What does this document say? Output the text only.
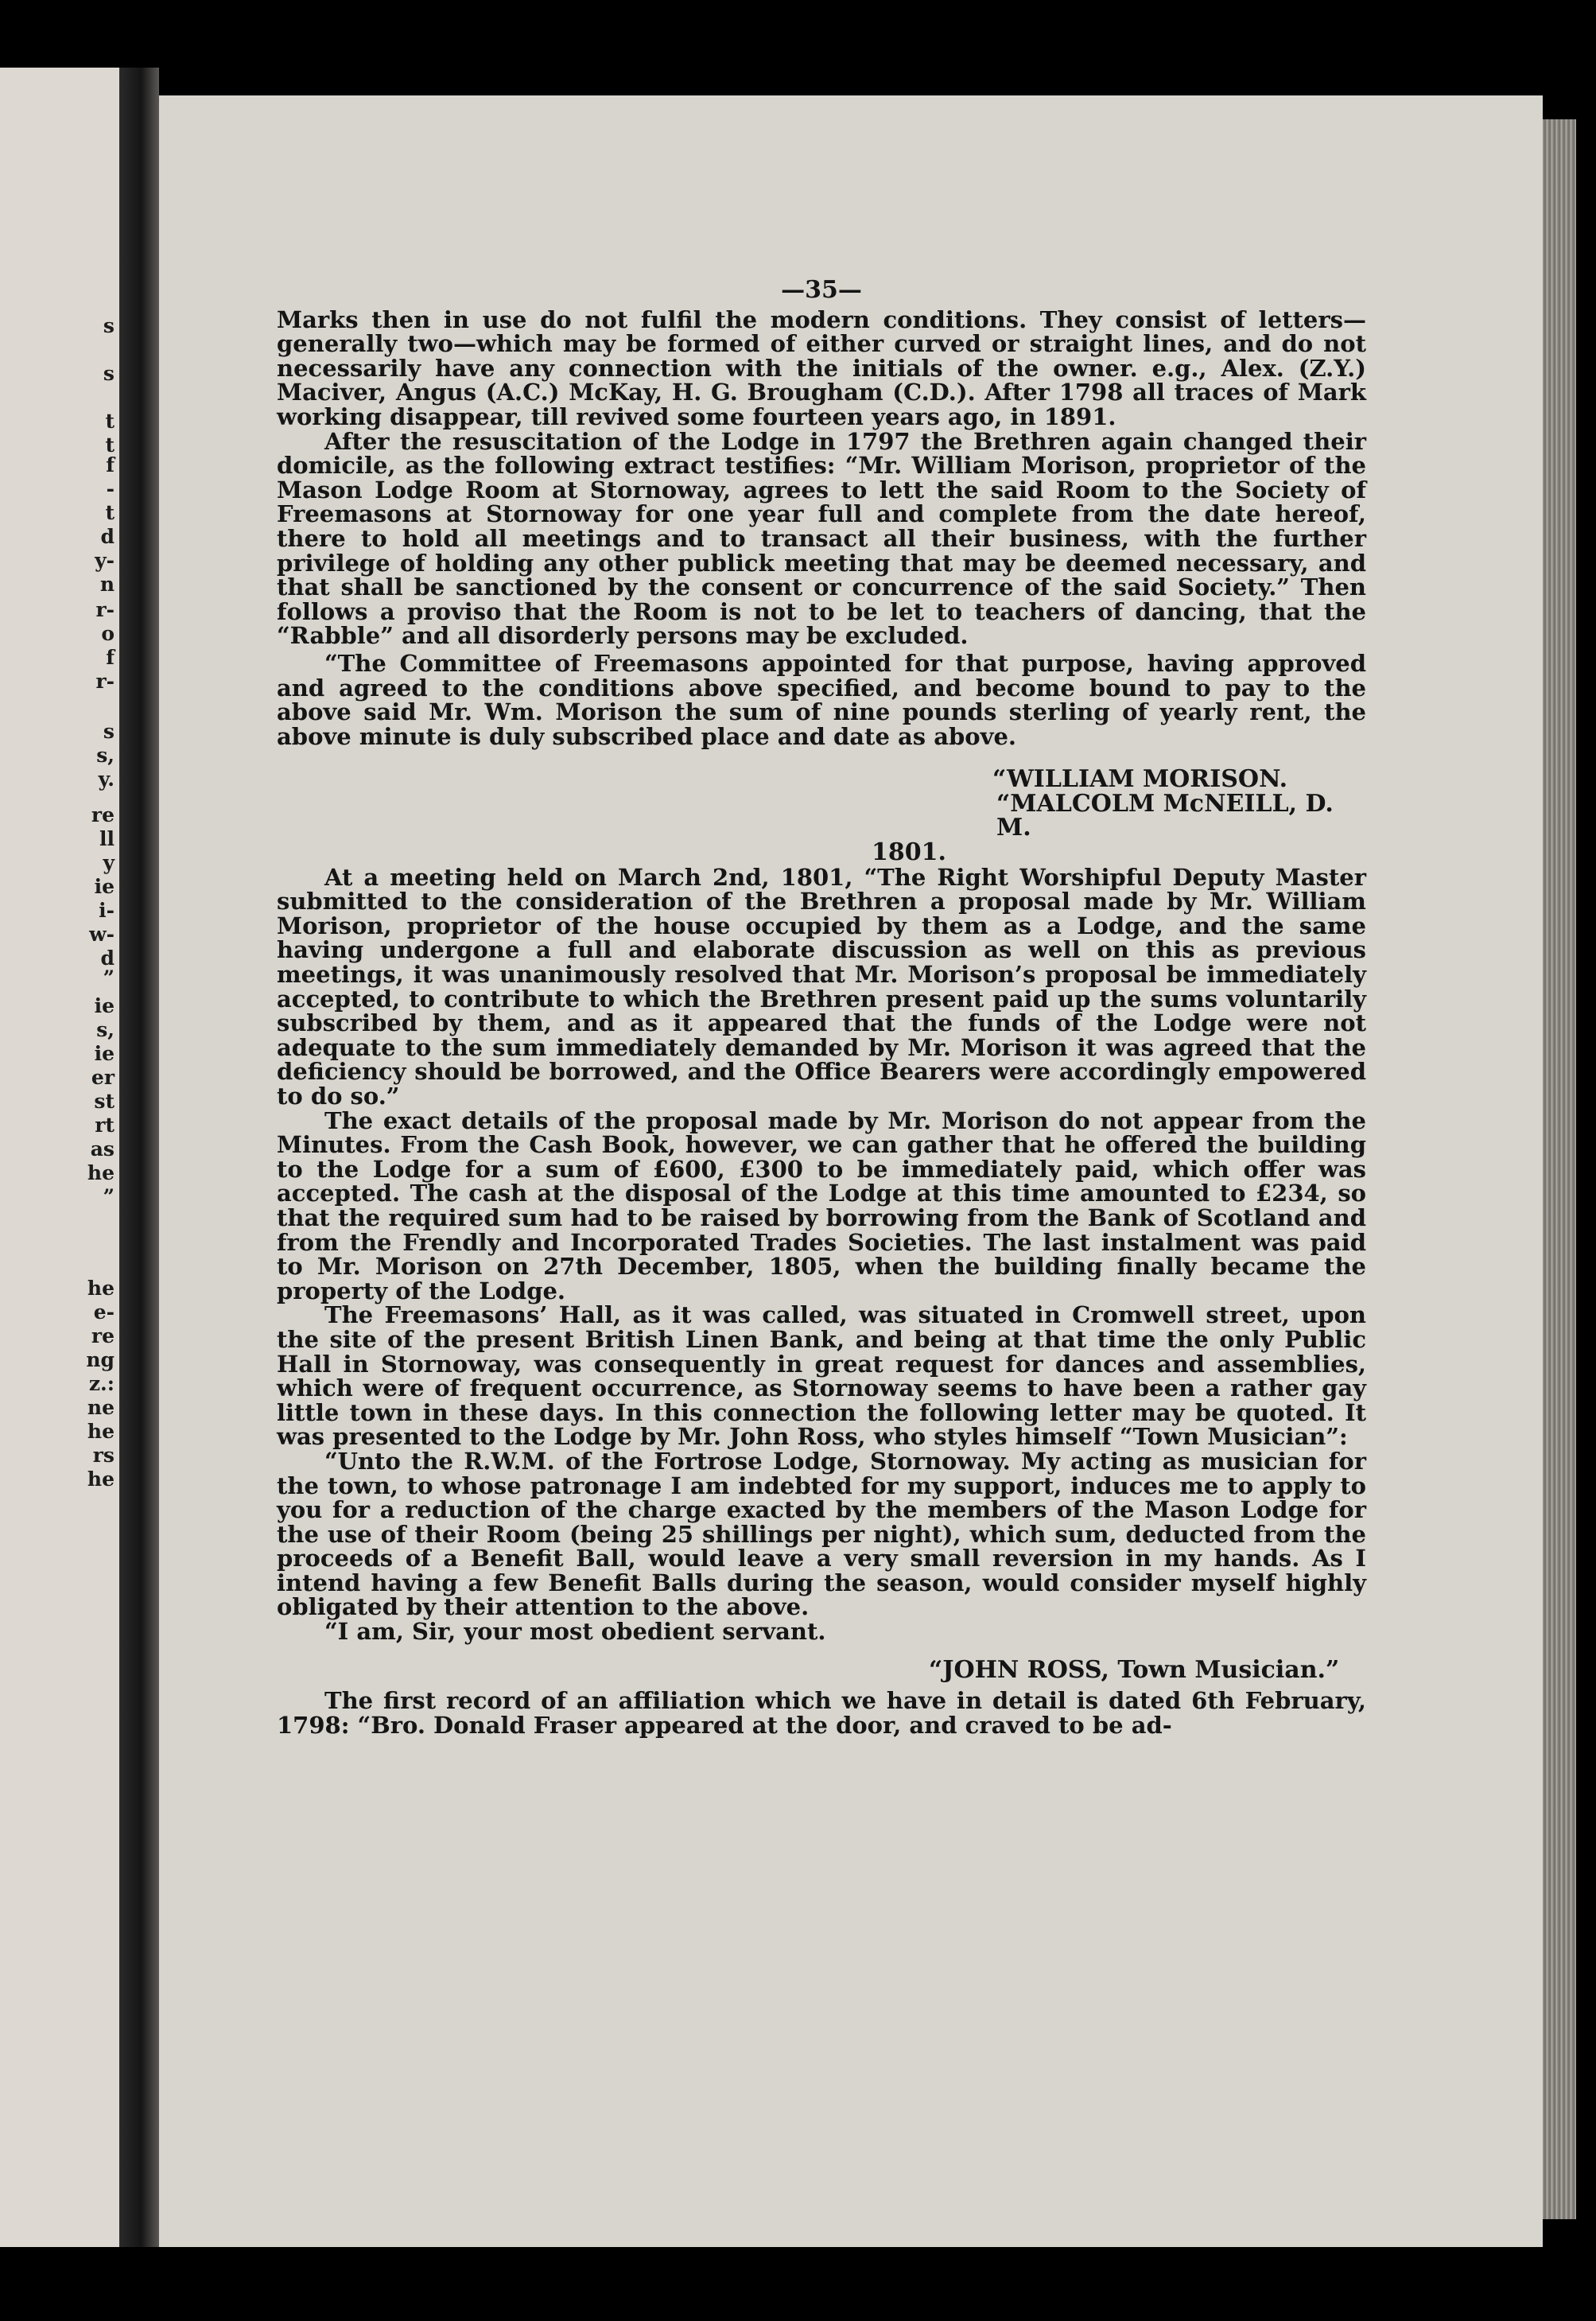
s
s
t
t
f
-
t
d
y-
n
r-
o
f
r-
s
s,
y.
re
ll
y
ie
i-
w-
d
”
ie
s,
ie
er
st
rt
as
he
”
he
e-
re
ng
z.:
ne
he
rs
he
—35—

Marks then in use do not fulfil the modern conditions. They consist of letters—generally two—which may be formed of either curved or straight lines, and do not necessarily have any connection with the initials of the owner. e.g., Alex. (Z.Y.) Maciver, Angus (A.C.) McKay, H. G. Brougham (C.D.). After 1798 all traces of Mark working disappear, till revived some fourteen years ago, in 1891.

After the resuscitation of the Lodge in 1797 the Brethren again changed their domicile, as the following extract testifies: “Mr. William Morison, proprietor of the Mason Lodge Room at Stornoway, agrees to lett the said Room to the Society of Freemasons at Stornoway for one year full and complete from the date hereof, there to hold all meetings and to transact all their business, with the further privilege of holding any other publick meeting that may be deemed necessary, and that shall be sanctioned by the consent or concurrence of the said Society.” Then follows a proviso that the Room is not to be let to teachers of dancing, that the “Rabble” and all disorderly persons may be excluded.

“The Committee of Freemasons appointed for that purpose, having approved and agreed to the conditions above specified, and become bound to pay to the above said Mr. Wm. Morison the sum of nine pounds sterling of yearly rent, the above minute is duly subscribed place and date as above.

“WILLIAM MORISON.
“MALCOLM McNEILL, D. M.
1801.

At a meeting held on March 2nd, 1801, “The Right Worshipful Deputy Master submitted to the consideration of the Brethren a proposal made by Mr. William Morison, proprietor of the house occupied by them as a Lodge, and the same having undergone a full and elaborate discussion as well on this as previous meetings, it was unanimously resolved that Mr. Morison’s proposal be immediately accepted, to contribute to which the Brethren present paid up the sums voluntarily subscribed by them, and as it appeared that the funds of the Lodge were not adequate to the sum immediately demanded by Mr. Morison it was agreed that the deficiency should be borrowed, and the Office Bearers were accordingly empowered to do so.”

The exact details of the proposal made by Mr. Morison do not appear from the Minutes. From the Cash Book, however, we can gather that he offered the building to the Lodge for a sum of £600, £300 to be immediately paid, which offer was accepted. The cash at the disposal of the Lodge at this time amounted to £234, so that the required sum had to be raised by borrowing from the Bank of Scotland and from the Frendly and Incorporated Trades Societies. The last instalment was paid to Mr. Morison on 27th December, 1805, when the building finally became the property of the Lodge.

The Freemasons’ Hall, as it was called, was situated in Cromwell street, upon the site of the present British Linen Bank, and being at that time the only Public Hall in Stornoway, was consequently in great request for dances and assemblies, which were of frequent occurrence, as Stornoway seems to have been a rather gay little town in these days. In this connection the following letter may be quoted. It was presented to the Lodge by Mr. John Ross, who styles himself “Town Musician”:

“Unto the R.W.M. of the Fortrose Lodge, Stornoway. My acting as musician for the town, to whose patronage I am indebted for my support, induces me to apply to you for a reduction of the charge exacted by the members of the Mason Lodge for the use of their Room (being 25 shillings per night), which sum, deducted from the proceeds of a Benefit Ball, would leave a very small reversion in my hands. As I intend having a few Benefit Balls during the season, would consider myself highly obligated by their attention to the above.

“I am, Sir, your most obedient servant.

“JOHN ROSS, Town Musician.”

The first record of an affiliation which we have in detail is dated 6th February, 1798: “Bro. Donald Fraser appeared at the door, and craved to be ad-
